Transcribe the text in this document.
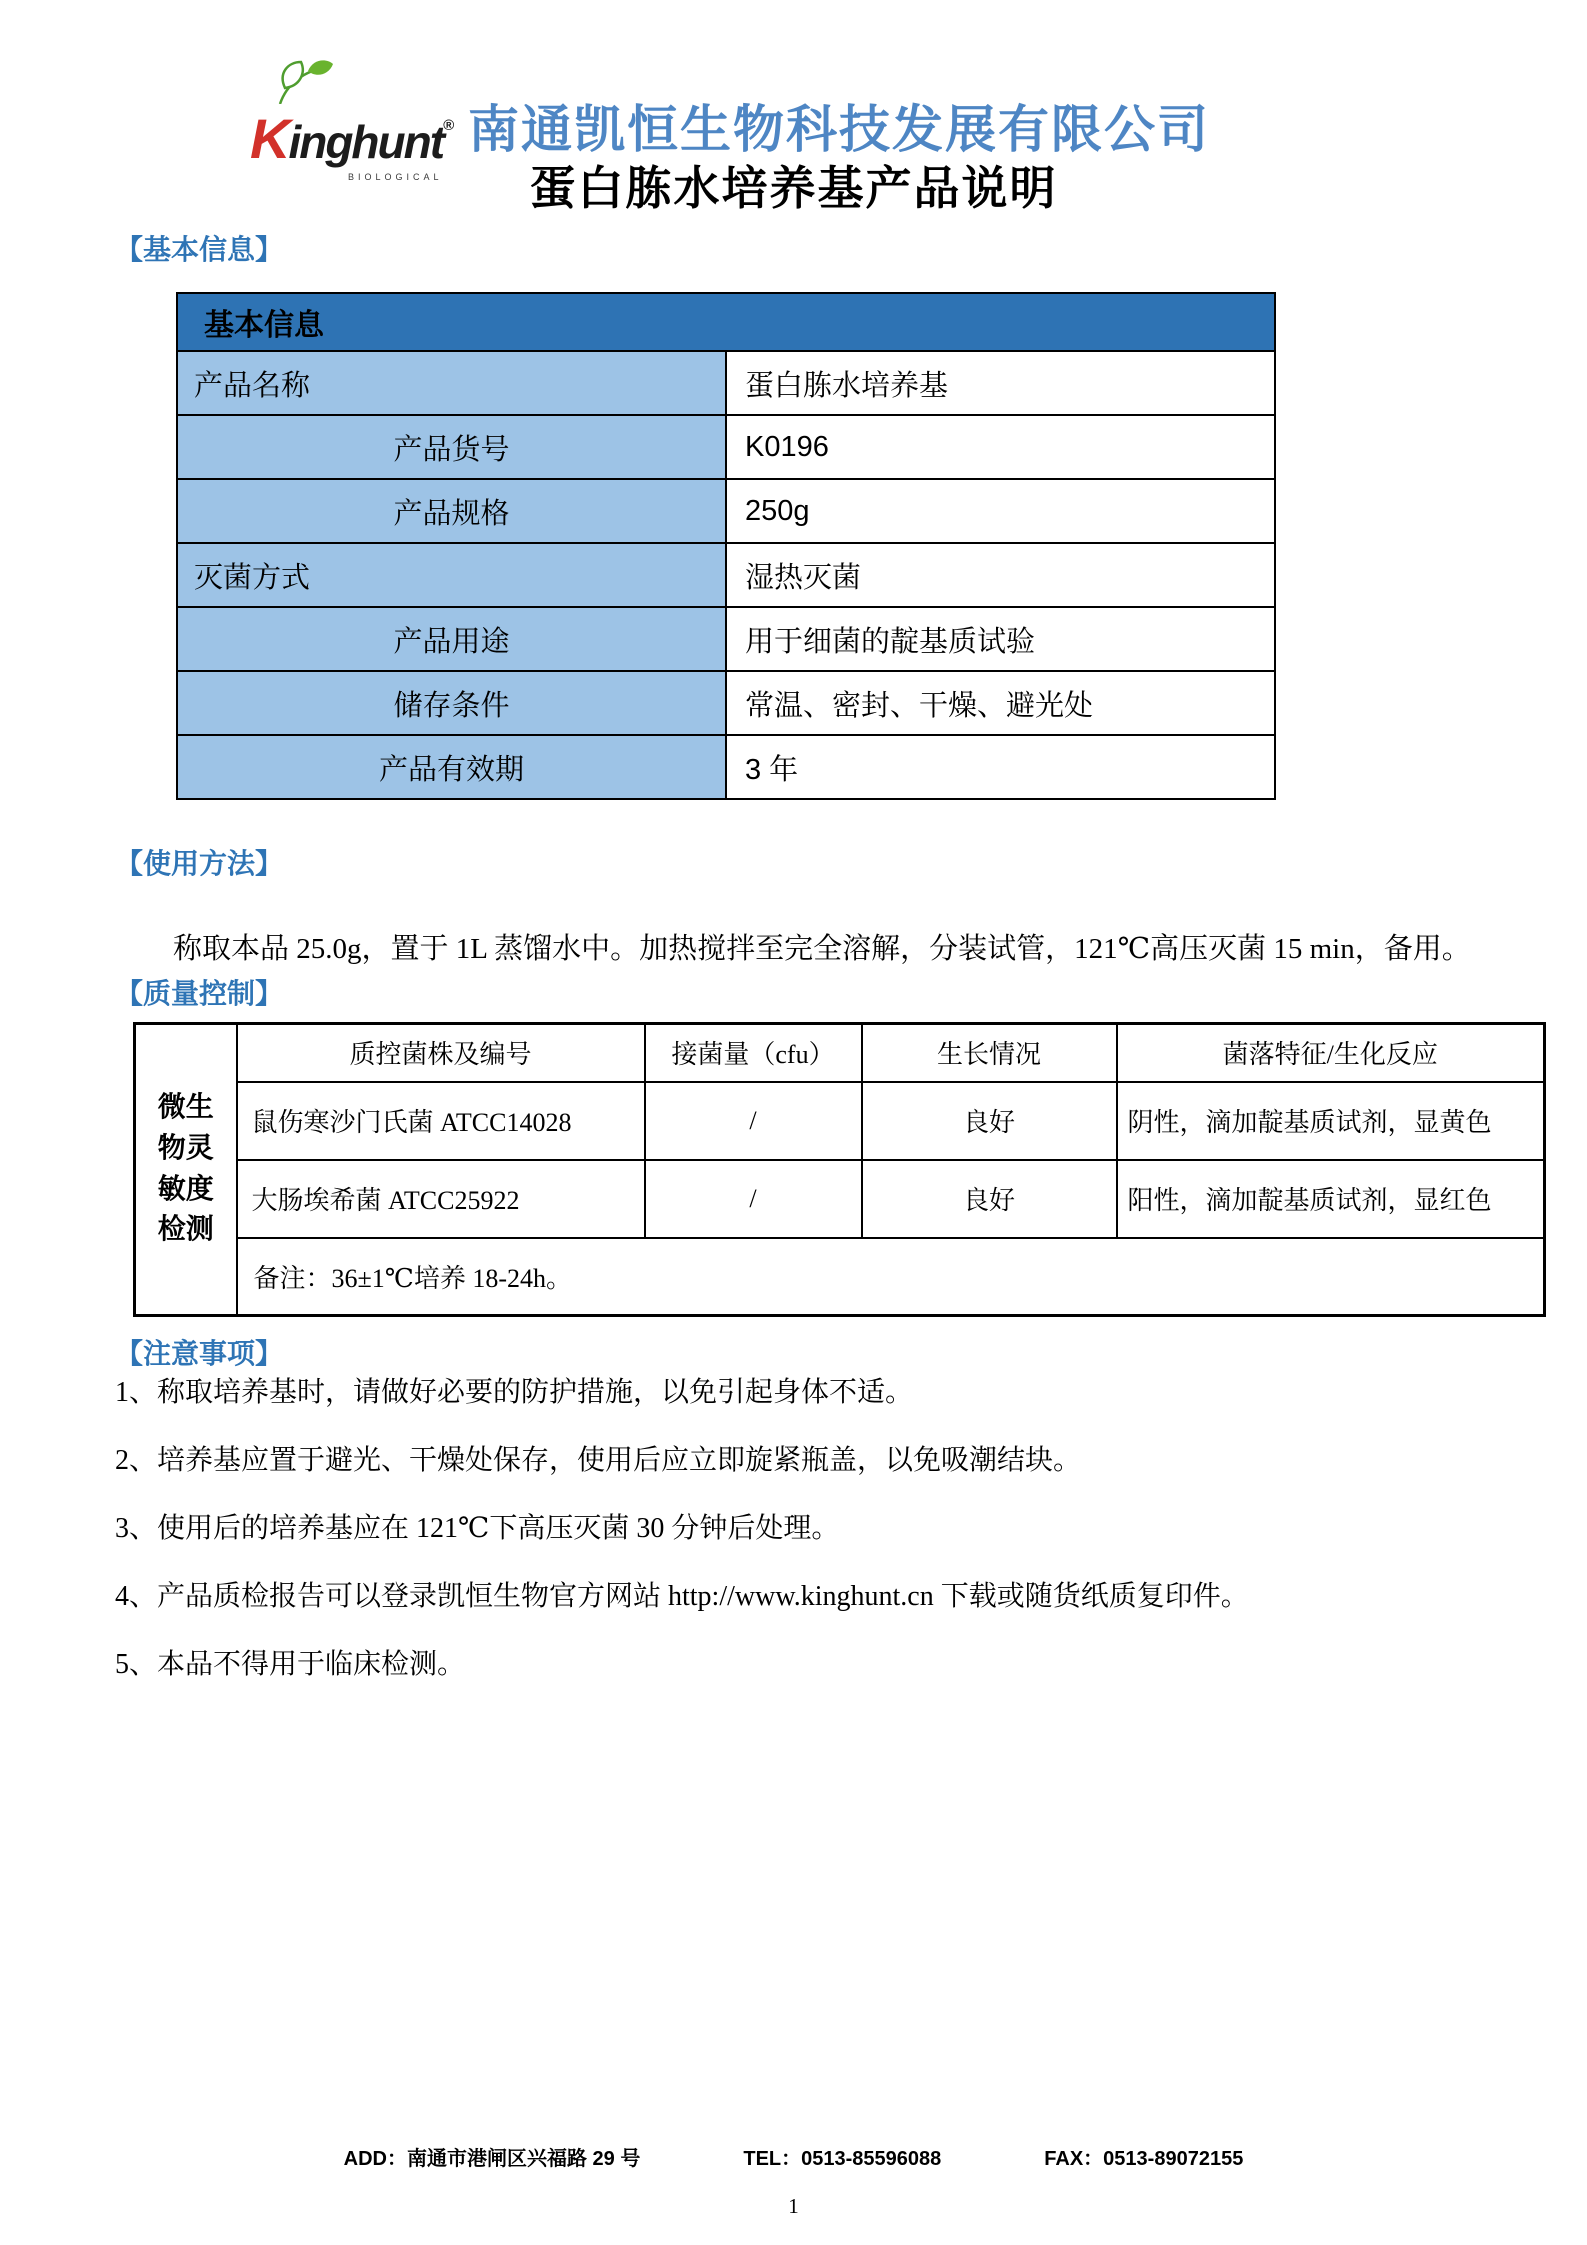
Kinghunt®
BIOLOGICAL
南通凯恒生物科技发展有限公司
蛋白胨水培养基产品说明
【基本信息】
基本信息	
产品名称	蛋白胨水培养基
产品货号	K0196
产品规格	250g
灭菌方式	湿热灭菌
产品用途	用于细菌的靛基质试验
储存条件	常温、密封、干燥、避光处
产品有效期	3 年
【使用方法】
称取本品 25.0g，置于 1L 蒸馏水中。加热搅拌至完全溶解，分装试管，121℃高压灭菌 15 min，备用。
【质量控制】
微生物灵敏度检测	质控菌株及编号	接菌量（cfu）	生长情况	菌落特征/生化反应
	鼠伤寒沙门氏菌 ATCC14028	/	良好	阴性，滴加靛基质试剂，显黄色
	大肠埃希菌 ATCC25922	/	良好	阳性，滴加靛基质试剂，显红色
	备注：36±1℃培养 18-24h。			
【注意事项】
1、称取培养基时，请做好必要的防护措施，以免引起身体不适。
2、培养基应置于避光、干燥处保存，使用后应立即旋紧瓶盖，以免吸潮结块。
3、使用后的培养基应在 121℃下高压灭菌 30 分钟后处理。
4、产品质检报告可以登录凯恒生物官方网站 http://www.kinghunt.cn 下载或随货纸质复印件。
5、本品不得用于临床检测。
ADD：南通市港闸区兴福路 29 号	TEL：0513-85596088	FAX：0513-89072155
1
